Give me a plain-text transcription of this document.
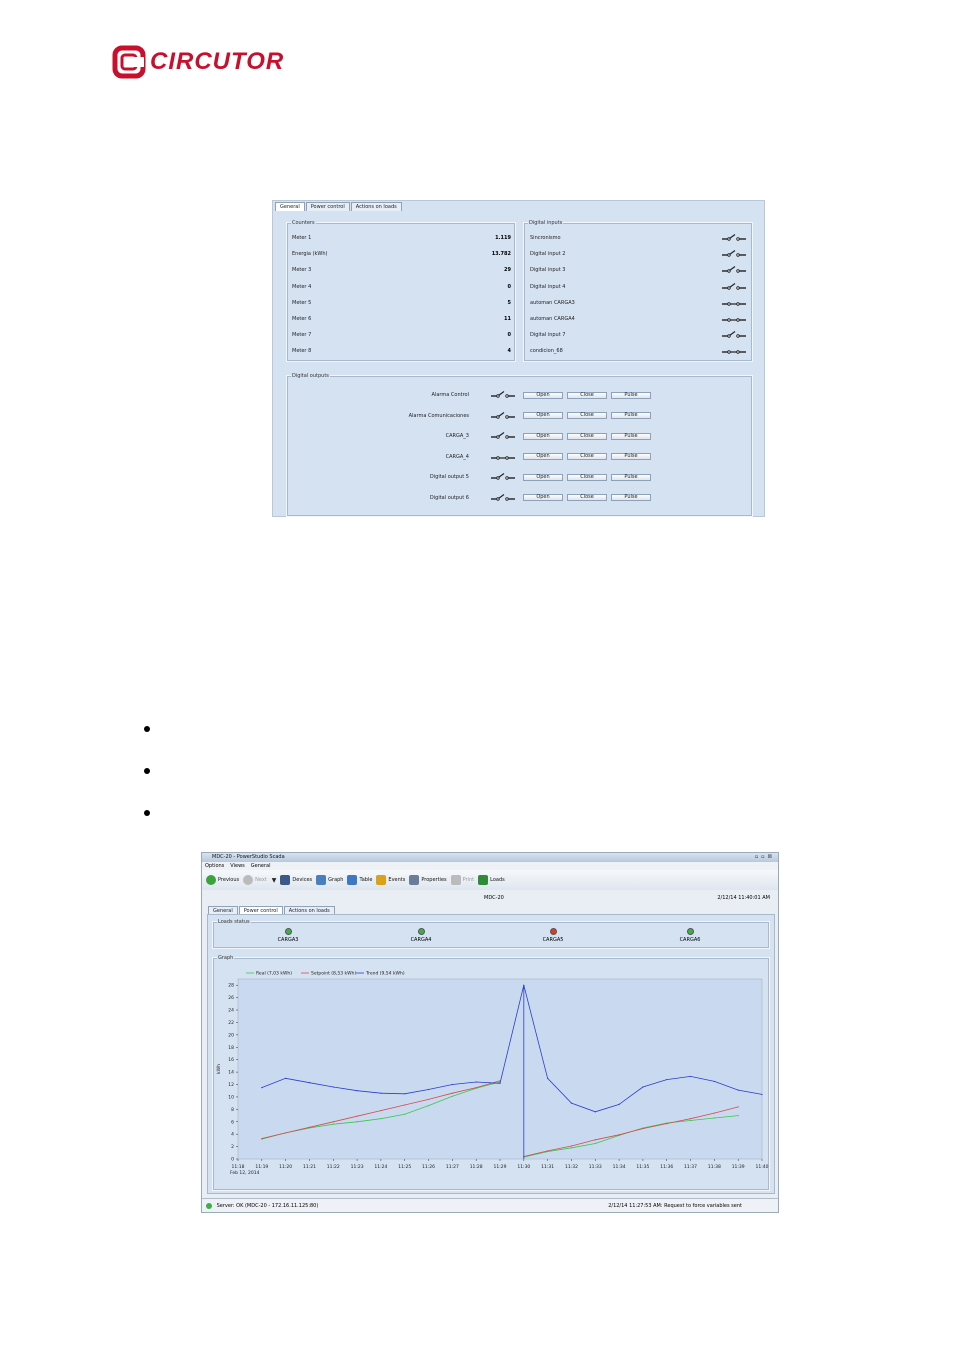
CIRCUTOR
General	Power control	Actions on loads
Counters	Digital inputs
Digital outputs
Meter 1	1.119
Energia (kWh)	13.782
Meter 3	29
Meter 4	0
Meter 5	5
Meter 6	11
Meter 7	0
Meter 8	4
Sincronismo
Digital input 2
Digital input 3
Digital input 4
automan CARGA3
automan CARGA4
Digital input 7
condicion_68
Alarma Control	Open	Close	Pulse
Alarma Comunicaciones	Open	Close	Pulse
CARGA_3	Open	Close	Pulse
CARGA_4	Open	Close	Pulse
Digital output 5	Open	Close	Pulse
Digital output 6	Open	Close	Pulse
MDC-20 - PowerStudio Scada	▫▫☒
Options Views General
Previous	Next ▼	Devices	Graph	Table	Events	Properties	Print	Loads
MDC-20	2/12/14 11:40:01 AM
General	Power control	Actions on loads
Loads status
Graph
0
2
4
6
8
10
12
14
16
18
20
22
24
26
28
11:18 11:19 11:20 11:21 11:22 11:23 11:24 11:25 11:26 11:27 11:28 11:29 11:30 11:31 11:32 11:33 11:34 11:35 11:36 11:37 11:38 11:39 11:40
Feb 12, 2014
kWh
Real (7,03 kWh)	Setpoint (8,53 kWh) Trend (9,54 kWh)
CARGA3	CARGA4	CARGA5	CARGA6
Server: OK (MDC-20 - 172.16.11.125:80)	2/12/14 11:27:53 AM: Request to force variables sent
